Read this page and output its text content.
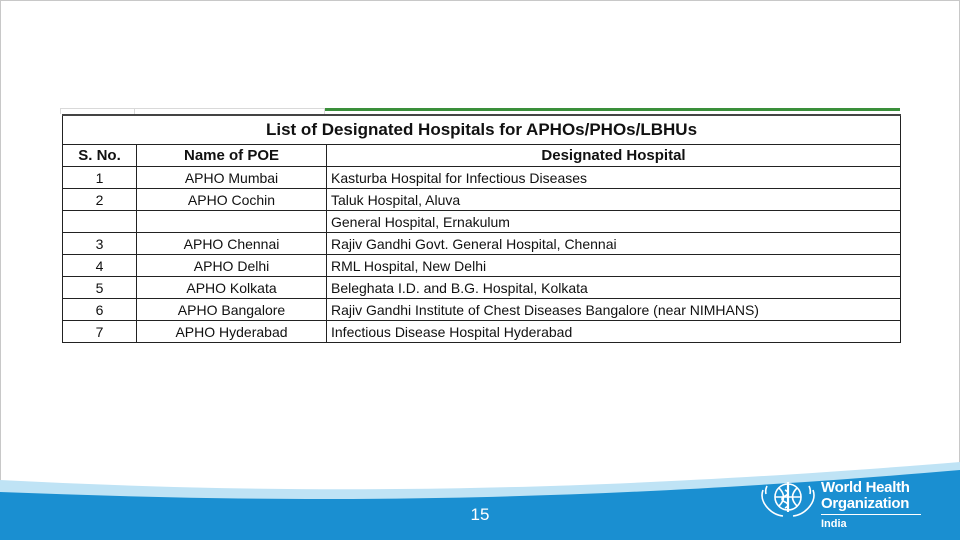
List of Designated Hospitals for APHOs/PHOs/LBHUs		
S. No.	Name of POE	Designated Hospital
1	APHO Mumbai	Kasturba Hospital for Infectious Diseases
2	APHO Cochin	Taluk Hospital, Aluva
		General Hospital, Ernakulum
3	APHO Chennai	Rajiv Gandhi Govt. General Hospital, Chennai
4	APHO Delhi	RML Hospital, New Delhi
5	APHO Kolkata	Beleghata I.D. and B.G. Hospital, Kolkata
6	APHO Bangalore	Rajiv Gandhi Institute of Chest Diseases Bangalore (near NIMHANS)
7	APHO Hyderabad	Infectious Disease Hospital Hyderabad
15
World Health
Organization
India
